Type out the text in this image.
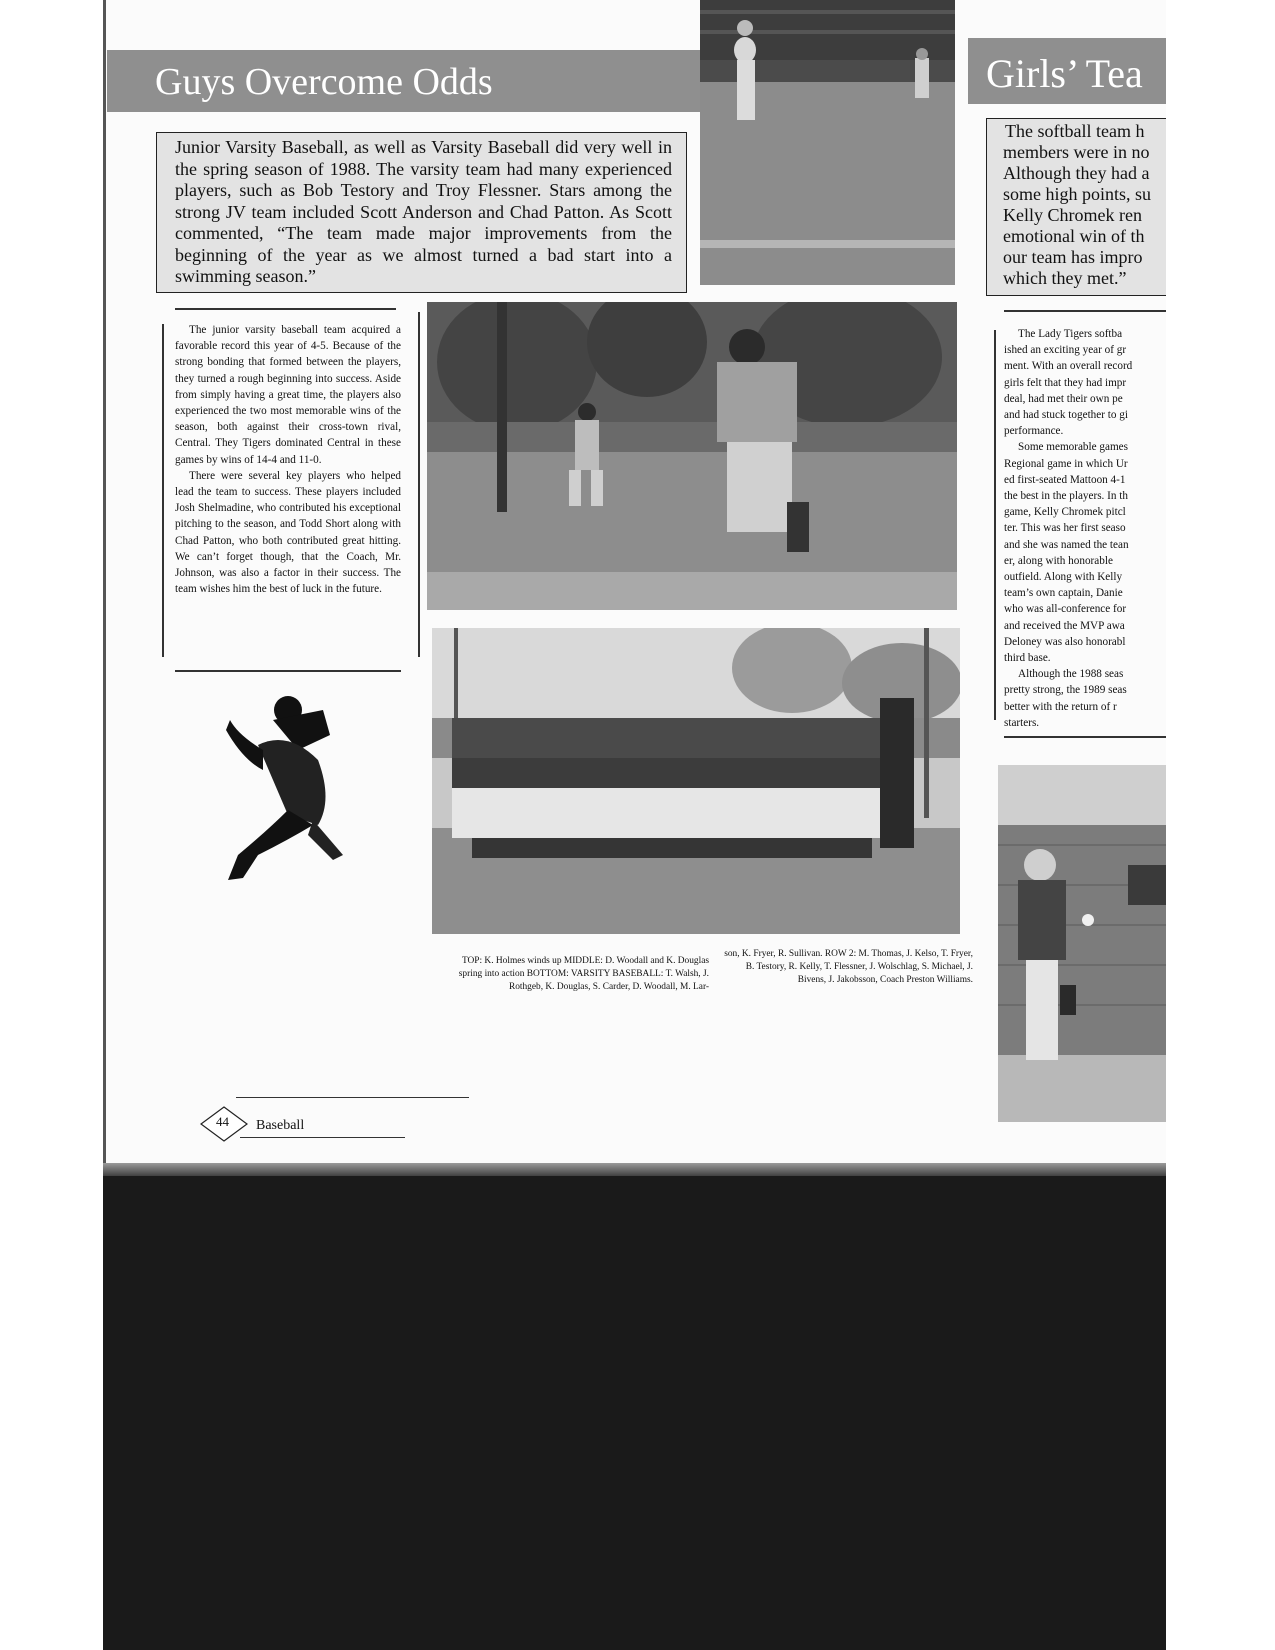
Guys Overcome Odds
Junior Varsity Baseball, as well as Varsity Baseball did very well in the spring season of 1988. The varsity team had many experienced players, such as Bob Testory and Troy Flessner. Stars among the strong JV team included Scott Anderson and Chad Patton. As Scott commented, “The team made major improvements from the beginning of the year as we almost turned a bad start into a swimming season.”

The junior varsity baseball team acquired a favorable record this year of 4-5. Because of the strong bonding that formed between the players, they turned a rough beginning into success. Aside from simply having a great time, the players also experienced the two most memorable wins of the season, both against their cross-town rival, Central. They Tigers dominated Central in these games by wins of 14-4 and 11-0.

There were several key players who helped lead the team to success. These players included Josh Shelmadine, who contributed his exceptional pitching to the season, and Todd Short along with Chad Patton, who both contributed great hitting. We can’t forget though, that the Coach, Mr. Johnson, was also a factor in their success. The team wishes him the best of luck in the future.

TOP: K. Holmes winds up MIDDLE: D. Woodall and K. Douglas spring into action BOTTOM: VARSITY BASEBALL: T. Walsh, J. Rothgeb, K. Douglas, S. Carder, D. Woodall, M. Lar-
son, K. Fryer, R. Sullivan. ROW 2: M. Thomas, J. Kelso, T. Fryer, B. Testory, R. Kelly, T. Flessner, J. Wolschlag, S. Michael, J. Bivens, J. Jakobsson, Coach Preston Williams.
44 Baseball
Girls’ Tea
The softball team h
members were in no
Although they had a
some high points, su
Kelly Chromek ren
emotional win of th
our team has impro
which they met.”
The Lady Tigers softba
ished an exciting year of gr
ment. With an overall record
girls felt that they had impr
deal, had met their own pe
and had stuck together to gi
performance.
Some memorable games
Regional game in which Ur
ed first-seated Mattoon 4-1
the best in the players. In th
game, Kelly Chromek pitcl
ter. This was her first seaso
and she was named the tean
er, along with honorable
outfield. Along with Kelly
team’s own captain, Danie
who was all-conference for
and received the MVP awa
Deloney was also honorabl
third base.
Although the 1988 seas
pretty strong, the 1989 seas
better with the return of r
starters.
